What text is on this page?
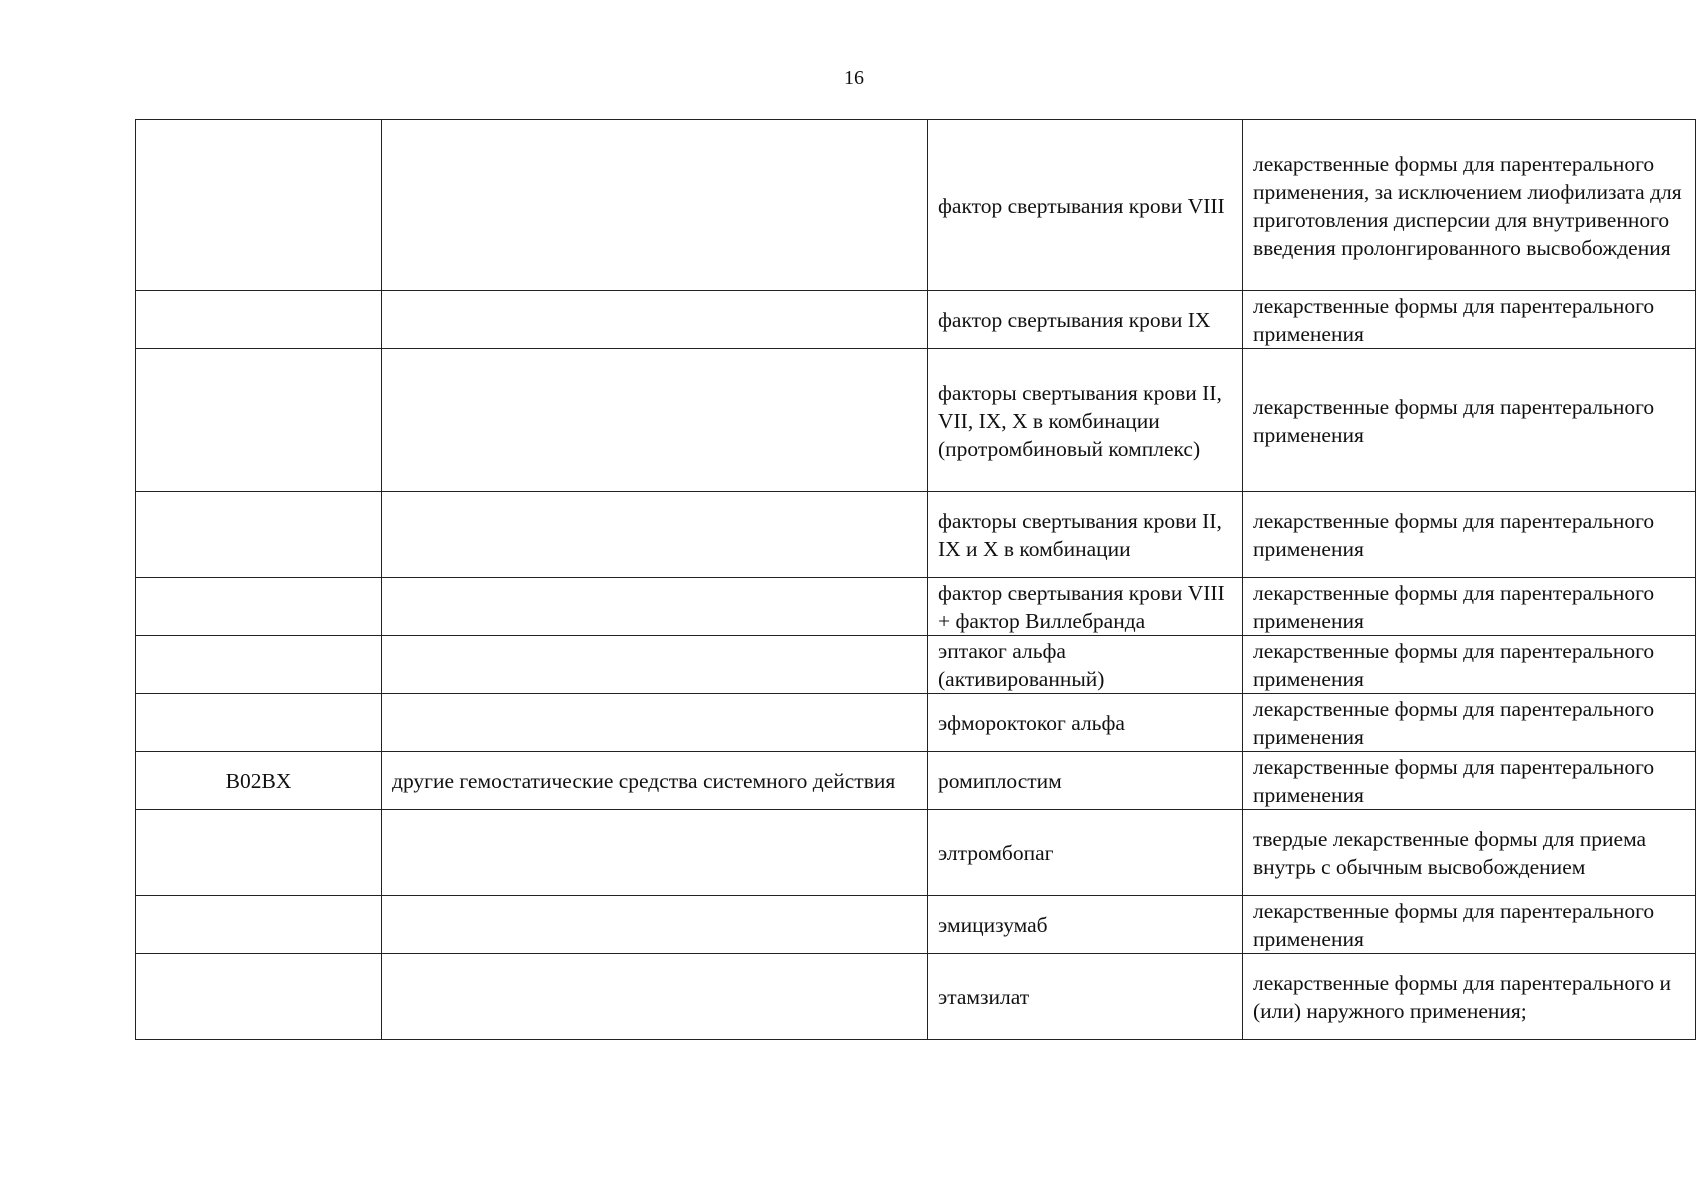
16
		фактор свертывания крови VIII	лекарственные формы для парентерального применения, за исключением лиофилизата для приготовления дисперсии для внутривенного введения пролонгированного высвобождения
		фактор свертывания крови IX	лекарственные формы для парентерального применения
		факторы свертывания крови II, VII, IX, X в комбинации (протромбиновый комплекс)	лекарственные формы для парентерального применения
		факторы свертывания крови II, IX и X в комбинации	лекарственные формы для парентерального применения
		фактор свертывания крови VIII + фактор Виллебранда	лекарственные формы для парентерального применения
		эптаког альфа (активированный)	лекарственные формы для парентерального применения
		эфмороктоког альфа	лекарственные формы для парентерального применения
B02BX	другие гемостатические средства системного действия	ромиплостим	лекарственные формы для парентерального применения
		элтромбопаг	твердые лекарственные формы для приема внутрь с обычным высвобождением
		эмицизумаб	лекарственные формы для парентерального применения
		этамзилат	лекарственные формы для парентерального и (или) наружного применения;
